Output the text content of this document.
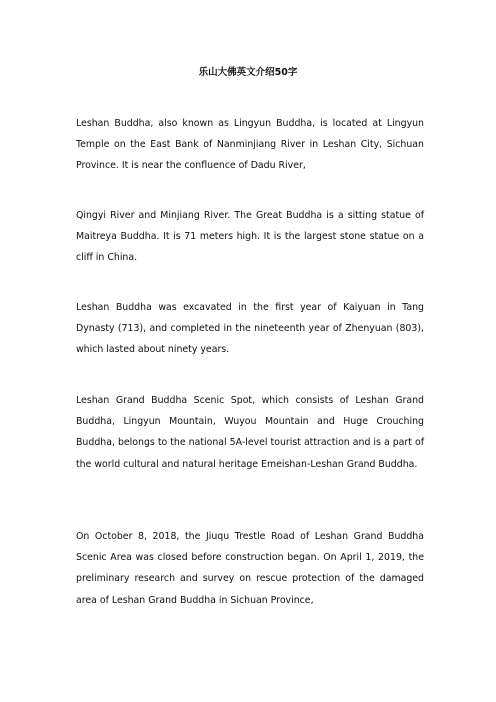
乐山大佛英文介绍50字

Leshan Buddha, also known as Lingyun Buddha, is located at Lingyun Temple on the East Bank of Nanminjiang River in Leshan City, Sichuan Province. It is near the confluence of Dadu River,

Qingyi River and Minjiang River. The Great Buddha is a sitting statue of Maitreya Buddha. It is 71 meters high. It is the largest stone statue on a cliff in China.

Leshan Buddha was excavated in the first year of Kaiyuan in Tang Dynasty (713), and completed in the nineteenth year of Zhenyuan (803), which lasted about ninety years.

Leshan Grand Buddha Scenic Spot, which consists of Leshan Grand Buddha, Lingyun Mountain, Wuyou Mountain and Huge Crouching Buddha, belongs to the national 5A-level tourist attraction and is a part of the world cultural and natural heritage Emeishan-Leshan Grand Buddha.

On October 8, 2018, the Jiuqu Trestle Road of Leshan Grand Buddha Scenic Area was closed before construction began. On April 1, 2019, the preliminary research and survey on rescue protection of the damaged area of Leshan Grand Buddha in Sichuan Province,
